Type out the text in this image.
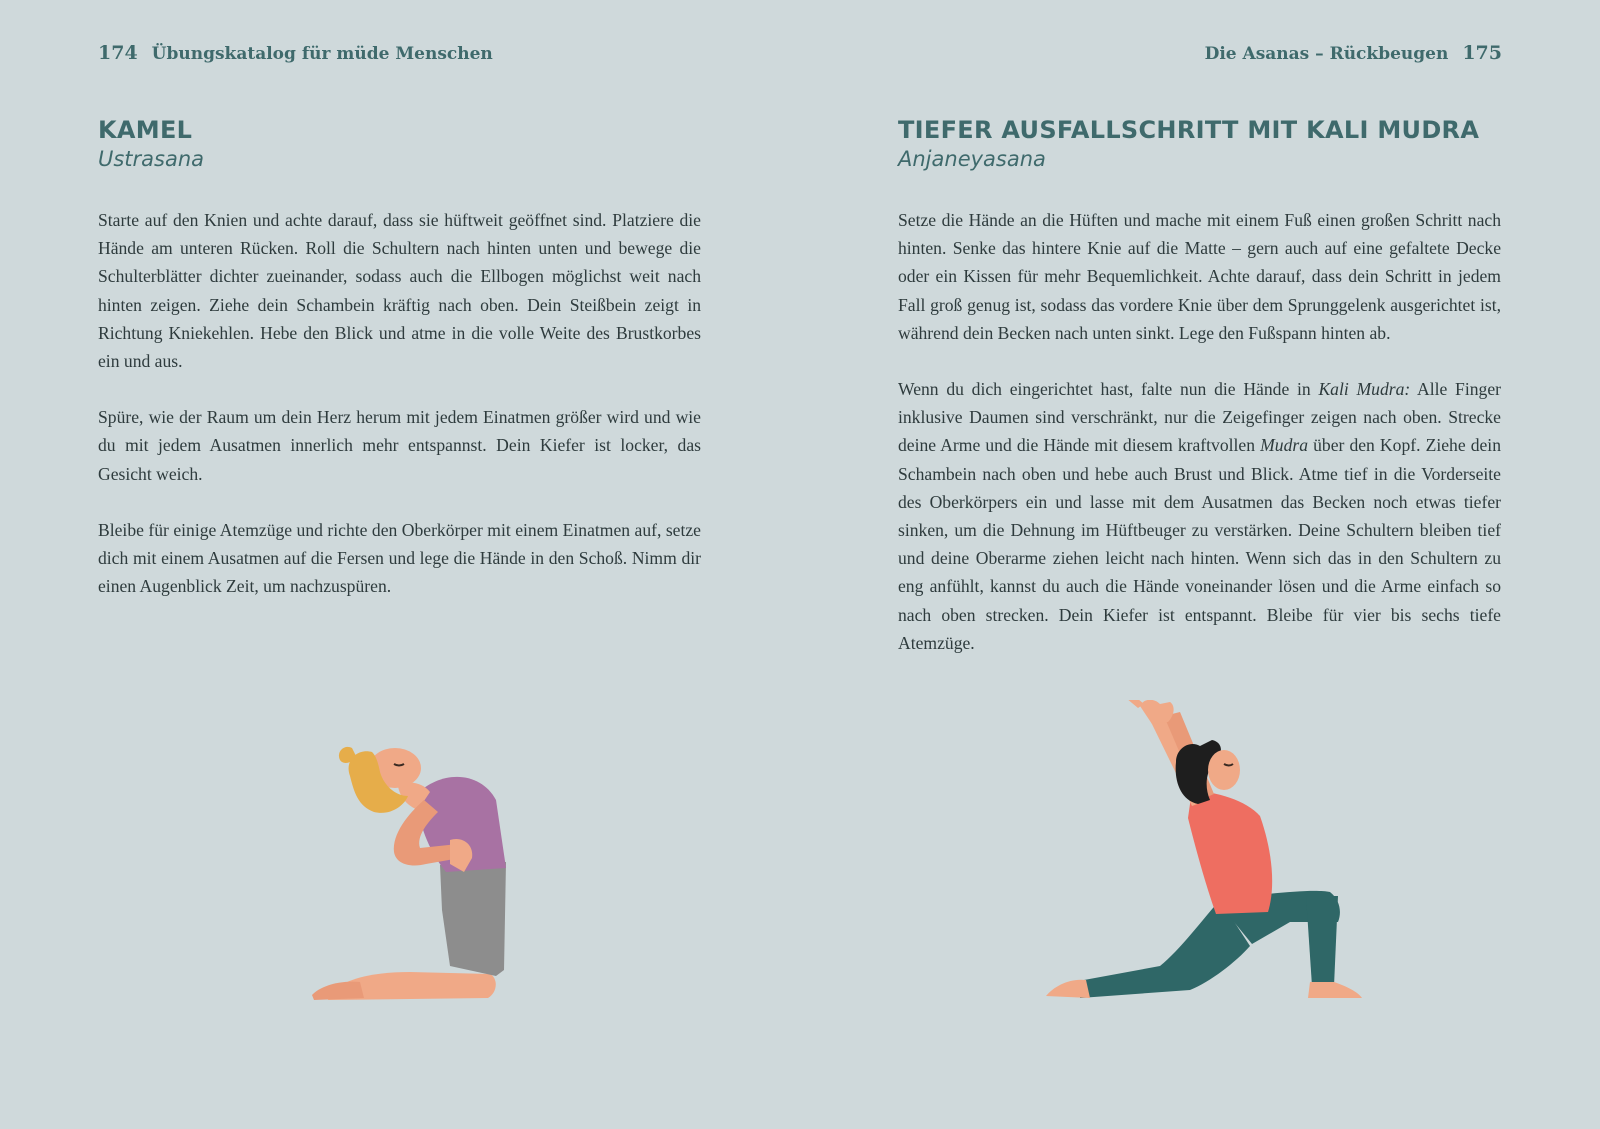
174 Übungskatalog für müde Menschen
KAMEL
Ustrasana

Starte auf den Knien und achte darauf, dass sie hüftweit geöffnet sind. Platziere die Hände am unteren Rücken. Roll die Schultern nach hinten unten und bewege die Schulterblätter dichter zueinander, sodass auch die Ellbogen möglichst weit nach hinten zeigen. Ziehe dein Schambein kräftig nach oben. Dein Steißbein zeigt in Richtung Kniekehlen. Hebe den Blick und atme in die volle Weite des Brustkorbes ein und aus.

Spüre, wie der Raum um dein Herz herum mit jedem Einatmen größer wird und wie du mit jedem Ausatmen innerlich mehr entspannst. Dein Kiefer ist locker, das Gesicht weich.

Bleibe für einige Atemzüge und richte den Oberkörper mit einem Einatmen auf, setze dich mit einem Ausatmen auf die Fersen und lege die Hände in den Schoß. Nimm dir einen Augenblick Zeit, um nachzuspüren.

Die Asanas – Rückbeugen 175
TIEFER AUSFALLSCHRITT MIT KALI MUDRA
Anjaneyasana

Setze die Hände an die Hüften und mache mit einem Fuß einen großen Schritt nach hinten. Senke das hintere Knie auf die Matte – gern auch auf eine gefaltete Decke oder ein Kissen für mehr Bequemlichkeit. Achte darauf, dass dein Schritt in jedem Fall groß genug ist, sodass das vordere Knie über dem Sprunggelenk ausgerichtet ist, während dein Becken nach unten sinkt. Lege den Fußspann hinten ab.

Wenn du dich eingerichtet hast, falte nun die Hände in Kali Mudra: Alle Finger inklusive Daumen sind verschränkt, nur die Zeigefinger zeigen nach oben. Strecke deine Arme und die Hände mit diesem kraftvollen Mudra über den Kopf. Ziehe dein Schambein nach oben und hebe auch Brust und Blick. Atme tief in die Vorderseite des Oberkörpers ein und lasse mit dem Ausatmen das Becken noch etwas tiefer sinken, um die Dehnung im Hüftbeuger zu verstärken. Deine Schultern bleiben tief und deine Oberarme ziehen leicht nach hinten. Wenn sich das in den Schultern zu eng anfühlt, kannst du auch die Hände voneinander lösen und die Arme einfach so nach oben strecken. Dein Kiefer ist entspannt. Bleibe für vier bis sechs tiefe Atemzüge.
